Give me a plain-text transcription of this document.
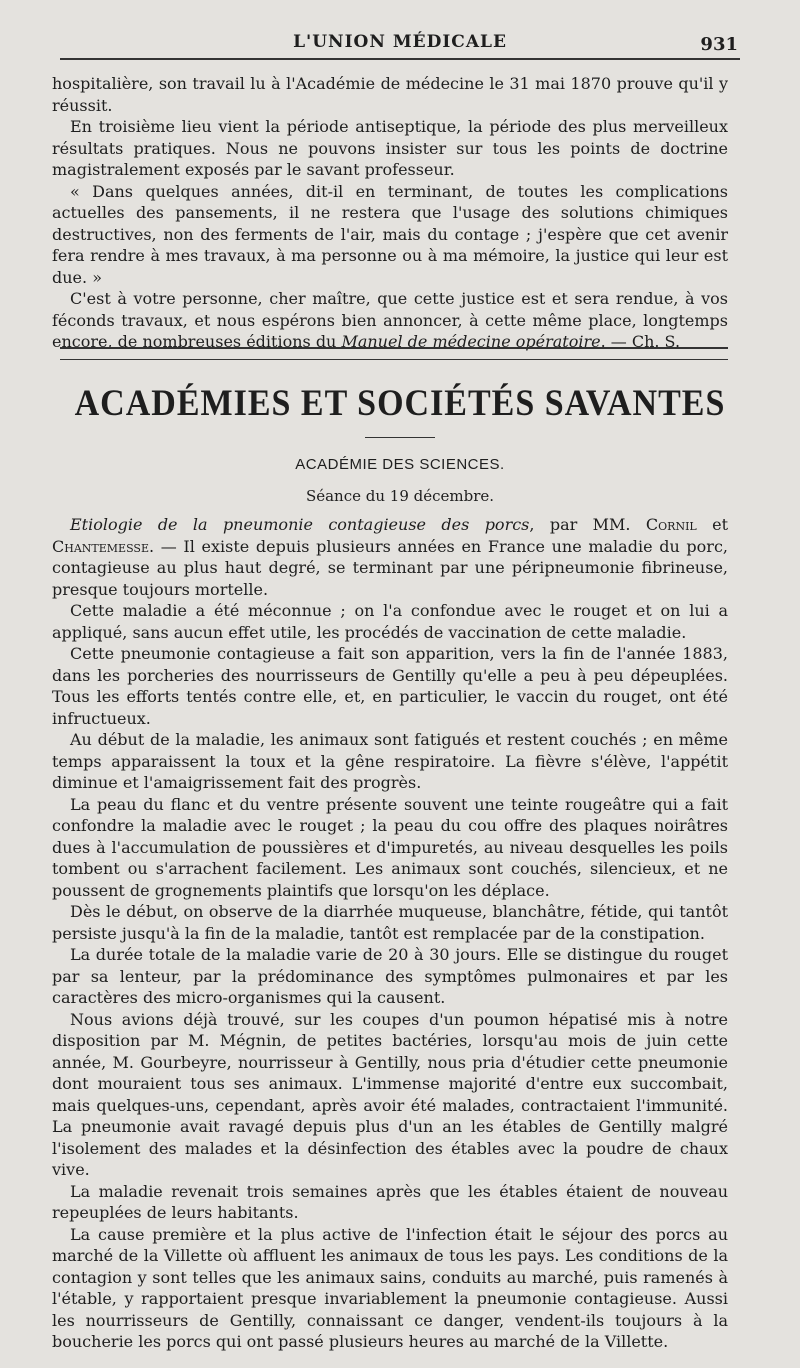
L'UNION MÉDICALE	931

hospitalière, son travail lu à l'Académie de médecine le 31 mai 1870 prouve qu'il y réussit.

En troisième lieu vient la période antiseptique, la période des plus merveilleux résultats pratiques. Nous ne pouvons insister sur tous les points de doctrine magistralement exposés par le savant professeur.

« Dans quelques années, dit-il en terminant, de toutes les complications actuelles des pansements, il ne restera que l'usage des solutions chimiques destructives, non des ferments de l'air, mais du contage ; j'espère que cet avenir fera rendre à mes travaux, à ma personne ou à ma mémoire, la justice qui leur est due. »

C'est à votre personne, cher maître, que cette justice est et sera rendue, à vos féconds travaux, et nous espérons bien annoncer, à cette même place, longtemps encore, de nombreuses éditions du Manuel de médecine opératoire. — Ch. S.

ACADÉMIES ET SOCIÉTÉS SAVANTES
ACADÉMIE DES SCIENCES.
Séance du 19 décembre.

Etiologie de la pneumonie contagieuse des porcs, par MM. Cornil et Chantemesse. — Il existe depuis plusieurs années en France une maladie du porc, contagieuse au plus haut degré, se terminant par une péripneumonie fibrineuse, presque toujours mortelle.

Cette maladie a été méconnue ; on l'a confondue avec le rouget et on lui a appliqué, sans aucun effet utile, les procédés de vaccination de cette maladie.

Cette pneumonie contagieuse a fait son apparition, vers la fin de l'année 1883, dans les porcheries des nourrisseurs de Gentilly qu'elle a peu à peu dépeuplées. Tous les efforts tentés contre elle, et, en particulier, le vaccin du rouget, ont été infructueux.

Au début de la maladie, les animaux sont fatigués et restent couchés ; en même temps apparaissent la toux et la gêne respiratoire. La fièvre s'élève, l'appétit diminue et l'amaigrissement fait des progrès.

La peau du flanc et du ventre présente souvent une teinte rougeâtre qui a fait confondre la maladie avec le rouget ; la peau du cou offre des plaques noirâtres dues à l'accumulation de poussières et d'impuretés, au niveau desquelles les poils tombent ou s'arrachent facilement. Les animaux sont couchés, silencieux, et ne poussent de grognements plaintifs que lorsqu'on les déplace.

Dès le début, on observe de la diarrhée muqueuse, blanchâtre, fétide, qui tantôt persiste jusqu'à la fin de la maladie, tantôt est remplacée par de la constipation.

La durée totale de la maladie varie de 20 à 30 jours. Elle se distingue du rouget par sa lenteur, par la prédominance des symptômes pulmonaires et par les caractères des micro-organismes qui la causent.

Nous avions déjà trouvé, sur les coupes d'un poumon hépatisé mis à notre disposition par M. Mégnin, de petites bactéries, lorsqu'au mois de juin cette année, M. Gourbeyre, nourrisseur à Gentilly, nous pria d'étudier cette pneumonie dont mouraient tous ses animaux. L'immense majorité d'entre eux succombait, mais quelques-uns, cependant, après avoir été malades, contractaient l'immunité. La pneumonie avait ravagé depuis plus d'un an les étables de Gentilly malgré l'isolement des malades et la désinfection des étables avec la poudre de chaux vive.

La maladie revenait trois semaines après que les étables étaient de nouveau repeuplées de leurs habitants.

La cause première et la plus active de l'infection était le séjour des porcs au marché de la Villette où affluent les animaux de tous les pays. Les conditions de la contagion y sont telles que les animaux sains, conduits au marché, puis ramenés à l'étable, y rapportaient presque invariablement la pneumonie contagieuse. Aussi les nourrisseurs de Gentilly, connaissant ce danger, vendent-ils toujours à la boucherie les porcs qui ont passé plusieurs heures au marché de la Villette.
